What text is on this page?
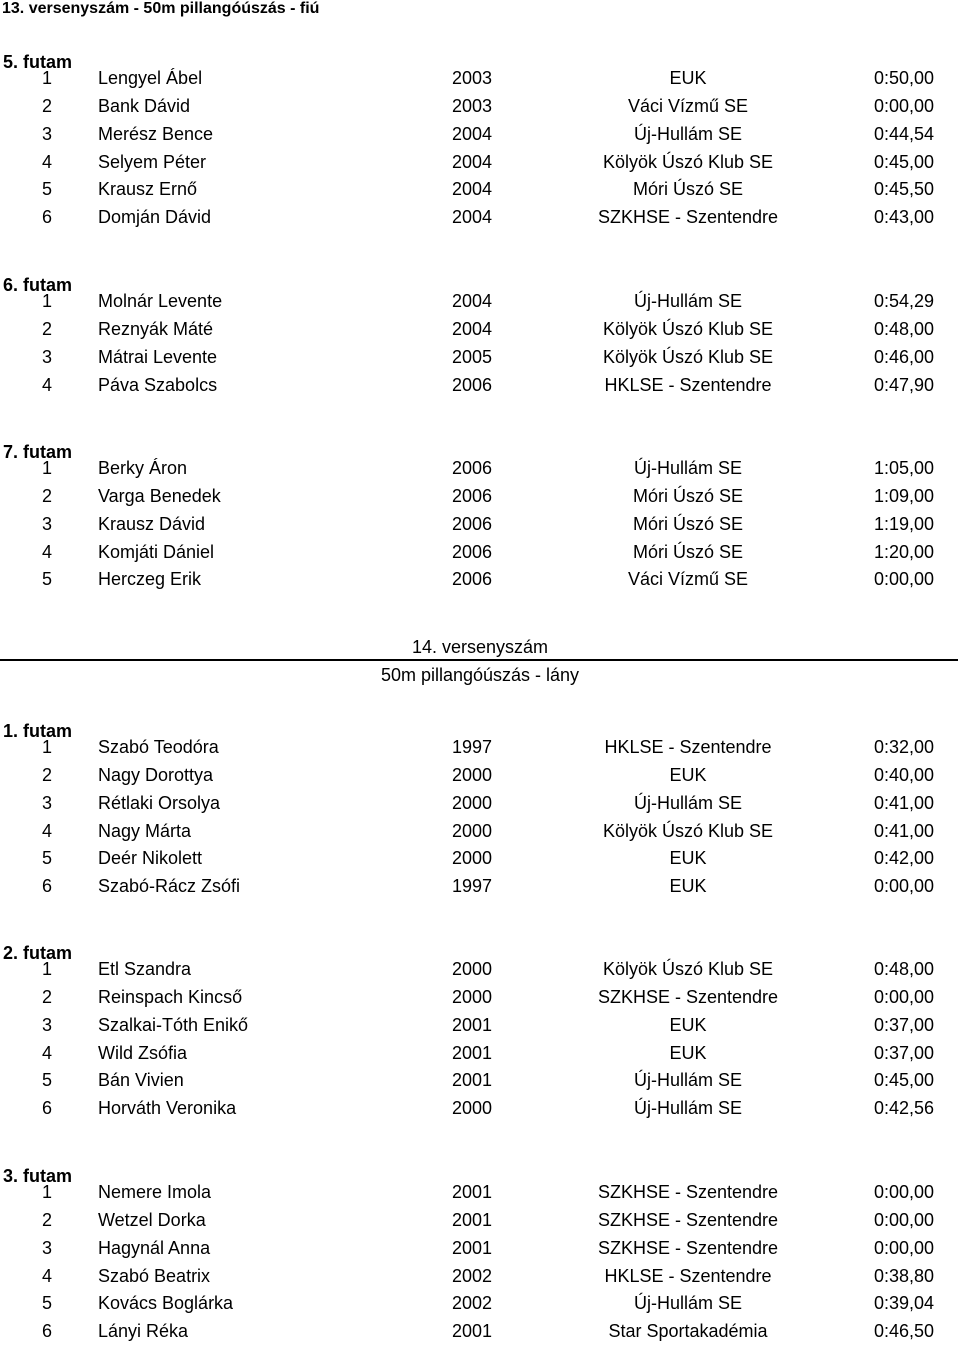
13. versenyszám - 50m pillangóúszás - fiú
5. futam
1	Lengyel Ábel	2003	EUK	0:50,00
2	Bank Dávid	2003	Váci Vízmű SE	0:00,00
3	Merész Bence	2004	Új-Hullám SE	0:44,54
4	Selyem Péter	2004	Kölyök Úszó Klub SE	0:45,00
5	Krausz Ernő	2004	Móri Úszó SE	0:45,50
6	Domján Dávid	2004	SZKHSE - Szentendre	0:43,00
6. futam
1	Molnár Levente	2004	Új-Hullám SE	0:54,29
2	Reznyák Máté	2004	Kölyök Úszó Klub SE	0:48,00
3	Mátrai Levente	2005	Kölyök Úszó Klub SE	0:46,00
4	Páva Szabolcs	2006	HKLSE - Szentendre	0:47,90
7. futam
1	Berky Áron	2006	Új-Hullám SE	1:05,00
2	Varga Benedek	2006	Móri Úszó SE	1:09,00
3	Krausz Dávid	2006	Móri Úszó SE	1:19,00
4	Komjáti Dániel	2006	Móri Úszó SE	1:20,00
5	Herczeg Erik	2006	Váci Vízmű SE	0:00,00
14. versenyszám
50m pillangóúszás - lány
1. futam
1	Szabó Teodóra	1997	HKLSE - Szentendre	0:32,00
2	Nagy Dorottya	2000	EUK	0:40,00
3	Rétlaki Orsolya	2000	Új-Hullám SE	0:41,00
4	Nagy Márta	2000	Kölyök Úszó Klub SE	0:41,00
5	Deér Nikolett	2000	EUK	0:42,00
6	Szabó-Rácz Zsófi	1997	EUK	0:00,00
2. futam
1	Etl Szandra	2000	Kölyök Úszó Klub SE	0:48,00
2	Reinspach Kincső	2000	SZKHSE - Szentendre	0:00,00
3	Szalkai-Tóth Enikő	2001	EUK	0:37,00
4	Wild Zsófia	2001	EUK	0:37,00
5	Bán Vivien	2001	Új-Hullám SE	0:45,00
6	Horváth Veronika	2000	Új-Hullám SE	0:42,56
3. futam
1	Nemere Imola	2001	SZKHSE - Szentendre	0:00,00
2	Wetzel Dorka	2001	SZKHSE - Szentendre	0:00,00
3	Hagynál Anna	2001	SZKHSE - Szentendre	0:00,00
4	Szabó Beatrix	2002	HKLSE - Szentendre	0:38,80
5	Kovács Boglárka	2002	Új-Hullám SE	0:39,04
6	Lányi Réka	2001	Star Sportakadémia	0:46,50
